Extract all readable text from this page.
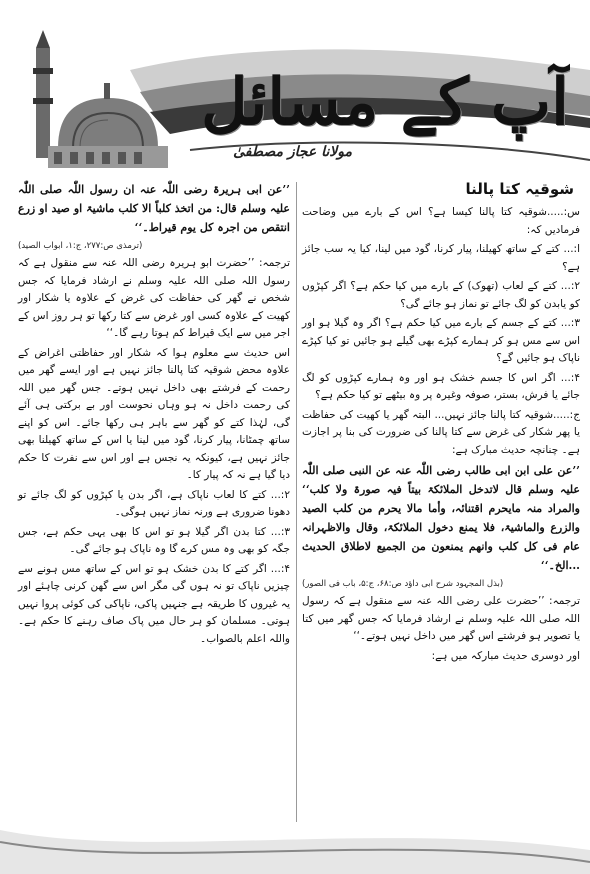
آپ کے مسائل
مولانا عجاز مصطفیٰ
شوقیہ کتا پالنا

س:.....شوقیہ کتا پالنا کیسا ہے؟ اس کے بارے میں وضاحت فرمادیں کہ:

ا:... کتے کے ساتھ کھیلنا، پیار کرنا، گود میں لینا، کیا یہ سب جائز ہے؟

۲:... کتے کے لعاب (تھوک) کے بارے میں کیا حکم ہے؟ اگر کپڑوں کو یابدن کو لگ جائے تو نماز ہو جائے گی؟

۳:... کتے کے جسم کے بارے میں کیا حکم ہے؟ اگر وہ گیلا ہو اور اس سے مس ہو کر ہمارے کپڑے بھی گیلے ہو جائیں تو کیا کپڑے ناپاک ہو جائیں گے؟

۴:... اگر اس کا جسم خشک ہو اور وہ ہمارے کپڑوں کو لگ جائے یا فرش، بستر، صوفہ وغیرہ پر وہ بیٹھے تو کیا حکم ہے؟

ج:.....شوقیہ کتا پالنا جائز نہیں... البتہ گھر یا کھیت کی حفاظت یا پھر شکار کی غرض سے کتا پالنا کی ضرورت کی بنا پر اجازت ہے۔ چنانچہ حدیث مبارک ہے:

’’عن علی ابن ابی طالب رضی اللّٰہ عنہ عن النبی صلی اللّٰہ علیہ وسلم قال لاتدخل الملائکۃ بیتاً فیہ صورۃ ولا کلب‘‘ والمراد منہ مایحرم اقتنائہ، وأما مالا یحرم من کلب الصید والزرع والماشیۃ، فلا یمنع دخول الملائکۃ، وقال والاظہرانہ عام فی کل کلب وانھم یمنعون من الجمیع لاطلاق الحدیث ...الخ۔‘‘

(بذل المجہود شرح ابی داؤد ص:۶۸، ج:۵، باب فی الصور)

ترجمہ: ’’حضرت علی رضی اللہ عنہ سے منقول ہے کہ رسول اللہ صلی اللہ علیہ وسلم نے ارشاد فرمایا کہ جس گھر میں کتا یا تصویر ہو فرشتے اس گھر میں داخل نہیں ہوتے۔‘‘

اور دوسری حدیث مبارکہ میں ہے:

’’عن ابی ہریرۃ رضی اللّٰہ عنہ ان رسول اللّٰہ صلی اللّٰہ علیہ وسلم قال: من اتخذ کلباً الا کلب ماشیۃ او صید او زرع انتقص من اجرہ کل یوم قیراط۔‘‘

(ترمذی ص:۲۷۷، ج:۱، ابواب الصید)

ترجمہ: ’’حضرت ابو ہریرہ رضی اللہ عنہ سے منقول ہے کہ رسول اللہ صلی اللہ علیہ وسلم نے ارشاد فرمایا کہ جس شخص نے گھر کی حفاظت کی غرض کے علاوہ یا شکار اور کھیت کے علاوہ کسی اور غرض سے کتا رکھا تو ہر روز اس کے اجر میں سے ایک قیراط کم ہوتا رہے گا۔‘‘

اس حدیث سے معلوم ہوا کہ شکار اور حفاظتی اغراض کے علاوہ محض شوقیہ کتا پالنا جائز نہیں ہے اور ایسے گھر میں رحمت کے فرشتے بھی داخل نہیں ہوتے۔ جس گھر میں اللہ کی رحمت داخل نہ ہو وہاں نحوست اور بے برکتی ہی آئے گی، لہٰذا کتے کو گھر سے باہر ہی رکھا جائے۔ اس کو اپنے ساتھ چمٹانا، پیار کرنا، گود میں لینا یا اس کے ساتھ کھیلنا بھی جائز نہیں ہے، کیونکہ یہ نجس ہے اور اس سے نفرت کا حکم دیا گیا ہے نہ کہ پیار کا۔

۲:... کتے کا لعاب ناپاک ہے، اگر بدن یا کپڑوں کو لگ جائے تو دھونا ضروری ہے ورنہ نماز نہیں ہوگی۔

۳:... کتا بدن اگر گیلا ہو تو اس کا بھی یہی حکم ہے، جس جگہ کو بھی وہ مس کرے گا وہ ناپاک ہو جائے گی۔

۴:... اگر کتے کا بدن خشک ہو تو اس کے ساتھ مس ہونے سے چیزیں ناپاک تو نہ ہوں گی مگر اس سے گھن کرنی چاہئے اور یہ غیروں کا طریقہ ہے جنہیں پاکی، ناپاکی کی کوئی پروا نہیں ہوتی۔ مسلمان کو ہر حال میں پاک صاف رہنے کا حکم ہے۔ واللہ اعلم بالصواب۔
